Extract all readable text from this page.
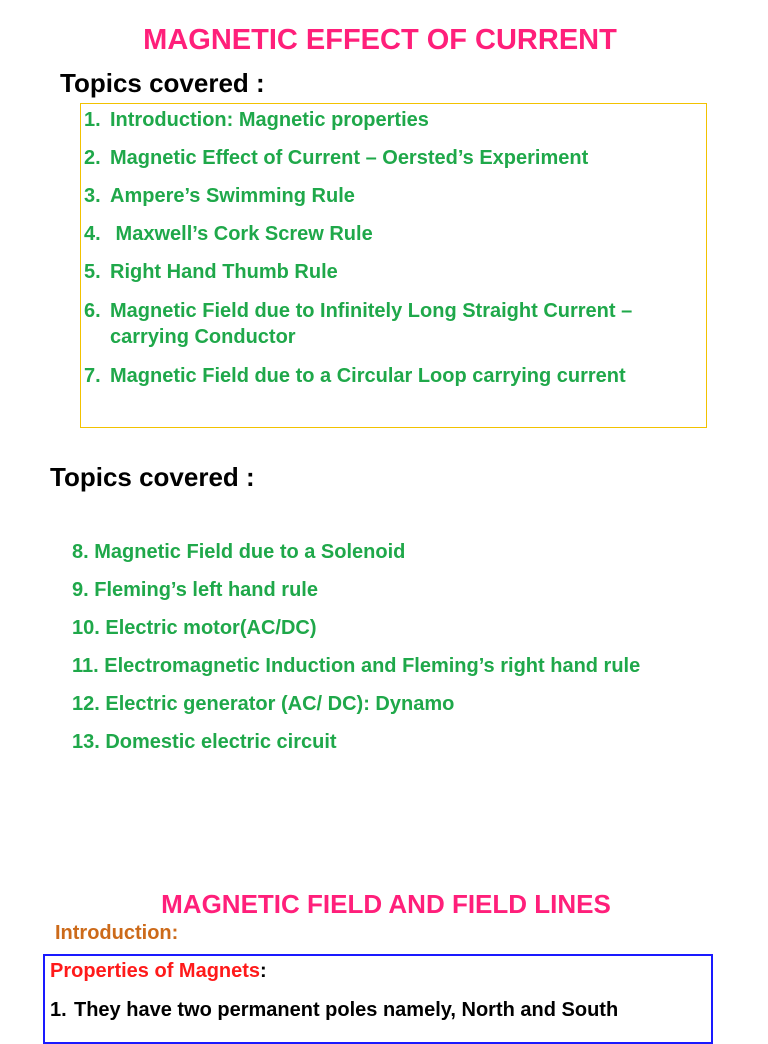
MAGNETIC EFFECT OF CURRENT
Topics covered :
1. Introduction: Magnetic properties
2. Magnetic Effect of Current – Oersted’s Experiment
3. Ampere’s Swimming Rule
4. Maxwell’s Cork Screw Rule
5. Right Hand Thumb Rule
6. Magnetic Field due to Infinitely Long Straight Current –
carrying Conductor
7. Magnetic Field due to a Circular Loop carrying current
Topics covered :
8. Magnetic Field due to a Solenoid
9. Fleming’s left hand rule
10. Electric motor(AC/DC)
11. Electromagnetic Induction and Fleming’s right hand rule
12. Electric generator (AC/ DC): Dynamo
13. Domestic electric circuit
MAGNETIC FIELD AND FIELD LINES
Introduction:
Properties of Magnets:
1. They have two permanent poles namely, North and South
